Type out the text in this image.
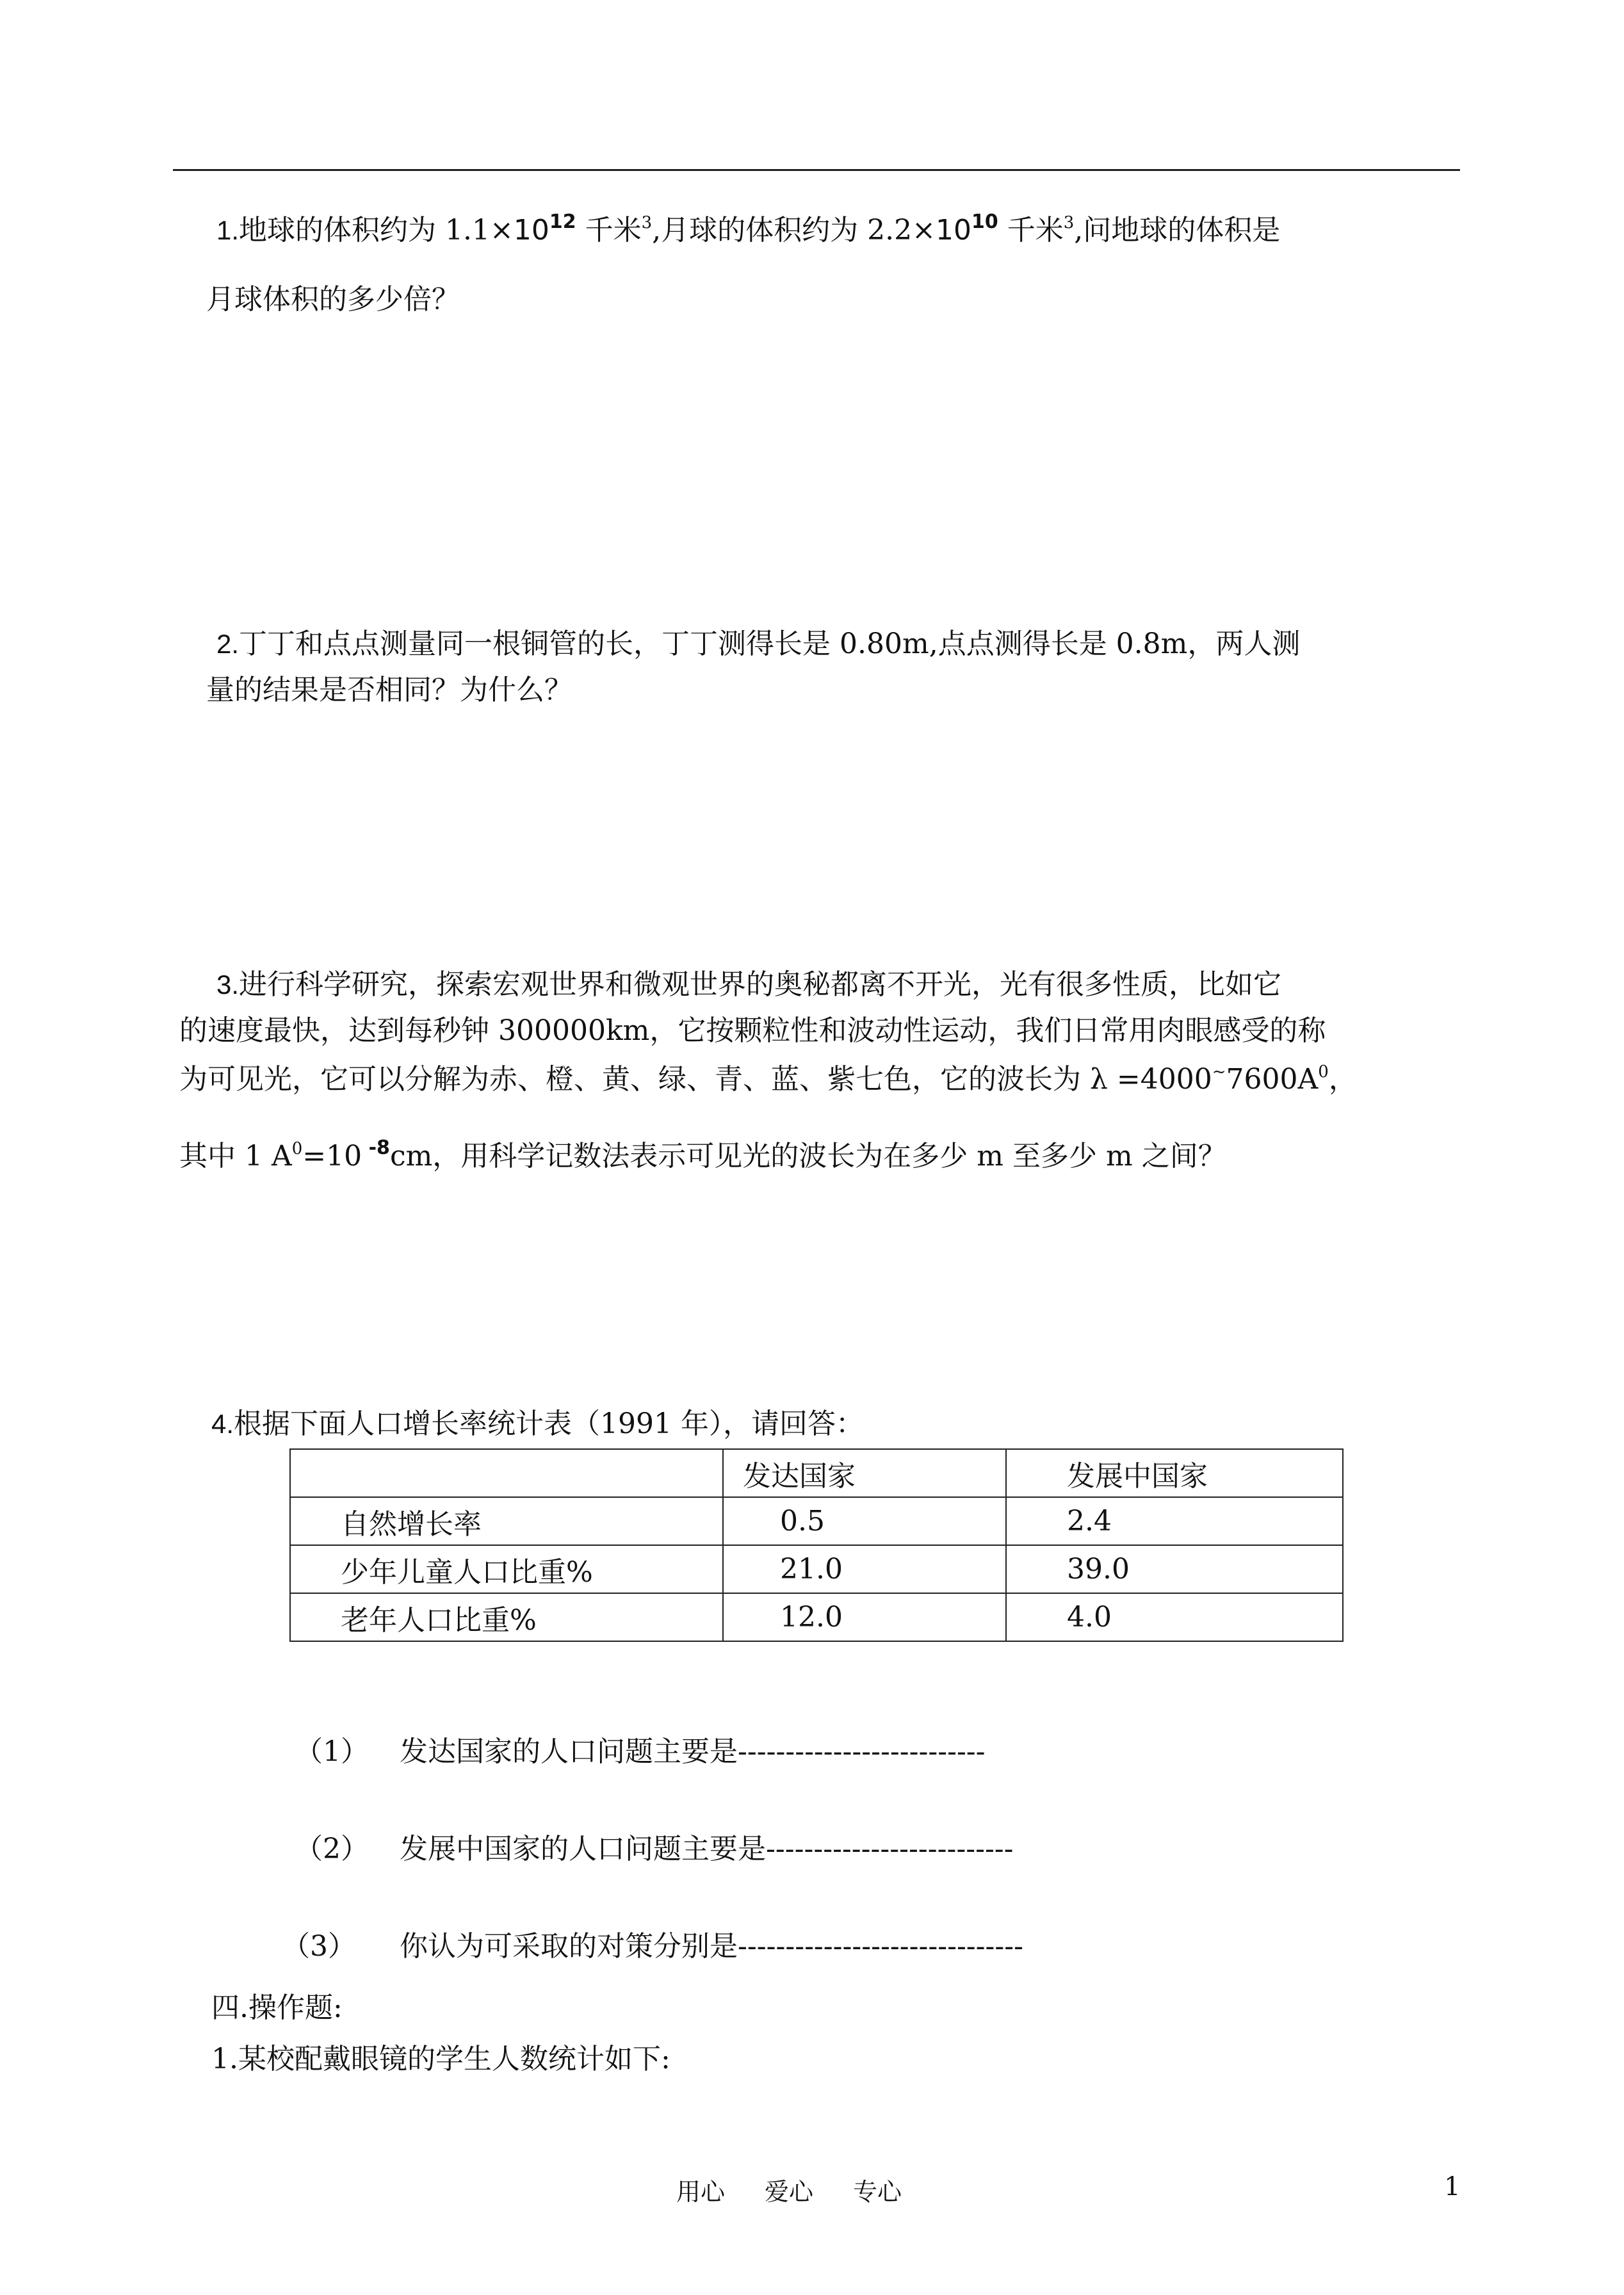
1.地球的体积约为 $1.1\times 10^{12}$ 千米$^3$,月球的体积约为 $2.2\times 10^{10}$ 千米$^3$,问地球的体积是
月球体积的多少倍？
2.丁丁和点点测量同一根铜管的长，丁丁测得长是 0.80m,点点测得长是 0.8m，两人测
量的结果是否相同？为什么？
3.进行科学研究，探索宏观世界和微观世界的奥秘都离不开光，光有很多性质，比如它
的速度最快，达到每秒钟 300000km，它按颗粒性和波动性运动，我们日常用肉眼感受的称
为可见光，它可以分解为赤、橙、黄、绿、青、蓝、紫七色，它的波长为 $\lambda =4000^\sim 7600A^0$，
其中 1 $A^0=10$ $^{-8}$cm，用科学记数法表示可见光的波长为在多少 m 至多少 m 之间？
4.根据下面人口增长率统计表（1991 年），请回答：
	发达国家	发展中国家
自然增长率	0.5	2.4
少年儿童人口比重%	21.0	39.0
老年人口比重%	12.0	4.0
（1） 发达国家的人口问题主要是--------------------------
（2） 发展中国家的人口问题主要是--------------------------
（3） 你认为可采取的对策分别是------------------------------
四.操作题:
1.某校配戴眼镜的学生人数统计如下:
用心 爱心 专心	1
